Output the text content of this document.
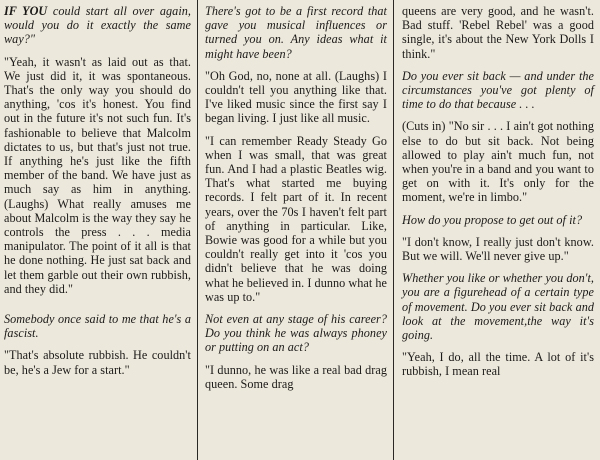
IF YOU could start all over again, would you do it exactly the same way?"

"Yeah, it wasn't as laid out as that. We just did it, it was spontaneous. That's the only way you should do anything, 'cos it's honest. You find out in the future it's not such fun. It's fashionable to believe that Malcolm dictates to us, but that's just not true. If anything he's just like the fifth member of the band. We have just as much say as him in anything. (Laughs) What really amuses me about Malcolm is the way they say he controls the press . . . media manipulator. The point of it all is that he done nothing. He just sat back and let them garble out their own rubbish, and they did."

Somebody once said to me that he's a fascist.

"That's absolute rubbish. He couldn't be, he's a Jew for a start."

There's got to be a first record that gave you musical influences or turned you on. Any ideas what it might have been?

"Oh God, no, none at all. (Laughs) I couldn't tell you anything like that. I've liked music since the first say I began living. I just like all music.

"I can remember Ready Steady Go when I was small, that was great fun. And I had a plastic Beatles wig. That's what started me buying records. I felt part of it. In recent years, over the 70s I haven't felt part of anything in particular. Like, Bowie was good for a while but you couldn't really get into it 'cos you didn't believe that he was doing what he believed in. I dunno what he was up to."

Not even at any stage of his career? Do you think he was always phoney or putting on an act?

"I dunno, he was like a real bad drag queen. Some drag

queens are very good, and he wasn't. Bad stuff. 'Rebel Rebel' was a good single, it's about the New York Dolls I think."

Do you ever sit back — and under the circumstances you've got plenty of time to do that because . . .

(Cuts in) "No sir . . . I ain't got nothing else to do but sit back. Not being allowed to play ain't much fun, not when you're in a band and you want to get on with it. It's only for the moment, we're in limbo."

How do you propose to get out of it?

"I don't know, I really just don't know. But we will. We'll never give up."

Whether you like or whether you don't, you are a figurehead of a certain type of movement. Do you ever sit back and look at the movement,the way it's going.

"Yeah, I do, all the time. A lot of it's rubbish, I mean real
